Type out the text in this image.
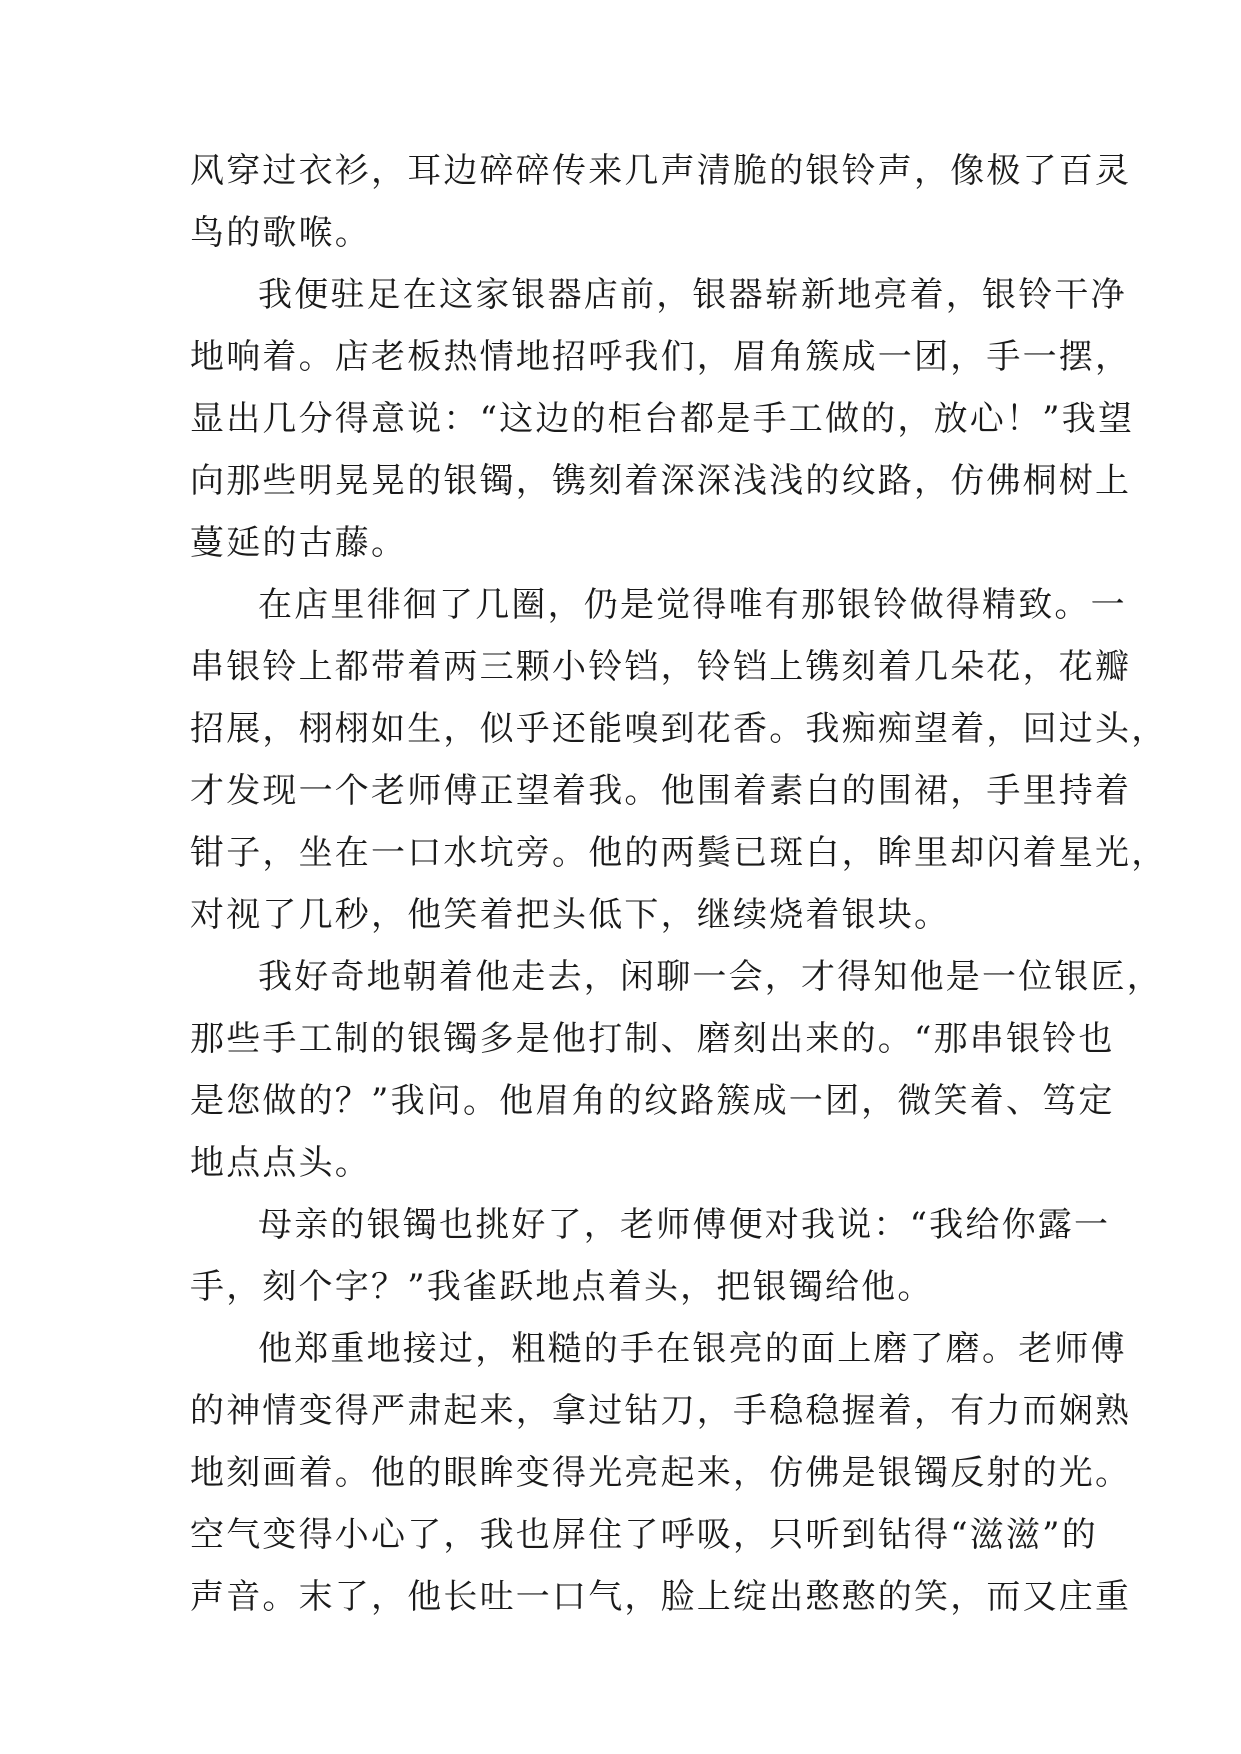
风穿过衣衫，耳边碎碎传来几声清脆的银铃声，像极了百灵
鸟的歌喉。
我便驻足在这家银器店前，银器崭新地亮着，银铃干净
地响着。店老板热情地招呼我们，眉角簇成一团，手一摆，
显出几分得意说：“这边的柜台都是手工做的，放心！”我望
向那些明晃晃的银镯，镌刻着深深浅浅的纹路，仿佛桐树上
蔓延的古藤。
在店里徘徊了几圈，仍是觉得唯有那银铃做得精致。一
串银铃上都带着两三颗小铃铛，铃铛上镌刻着几朵花，花瓣
招展，栩栩如生，似乎还能嗅到花香。我痴痴望着，回过头，
才发现一个老师傅正望着我。他围着素白的围裙，手里持着
钳子，坐在一口水坑旁。他的两鬓已斑白，眸里却闪着星光，
对视了几秒，他笑着把头低下，继续烧着银块。
我好奇地朝着他走去，闲聊一会，才得知他是一位银匠，
那些手工制的银镯多是他打制、磨刻出来的。“那串银铃也
是您做的？”我问。他眉角的纹路簇成一团，微笑着、笃定
地点点头。
母亲的银镯也挑好了，老师傅便对我说：“我给你露一
手，刻个字？”我雀跃地点着头，把银镯给他。
他郑重地接过，粗糙的手在银亮的面上磨了磨。老师傅
的神情变得严肃起来，拿过钻刀，手稳稳握着，有力而娴熟
地刻画着。他的眼眸变得光亮起来，仿佛是银镯反射的光。
空气变得小心了，我也屏住了呼吸，只听到钻得“滋滋”的
声音。末了，他长吐一口气，脸上绽出憨憨的笑，而又庄重
